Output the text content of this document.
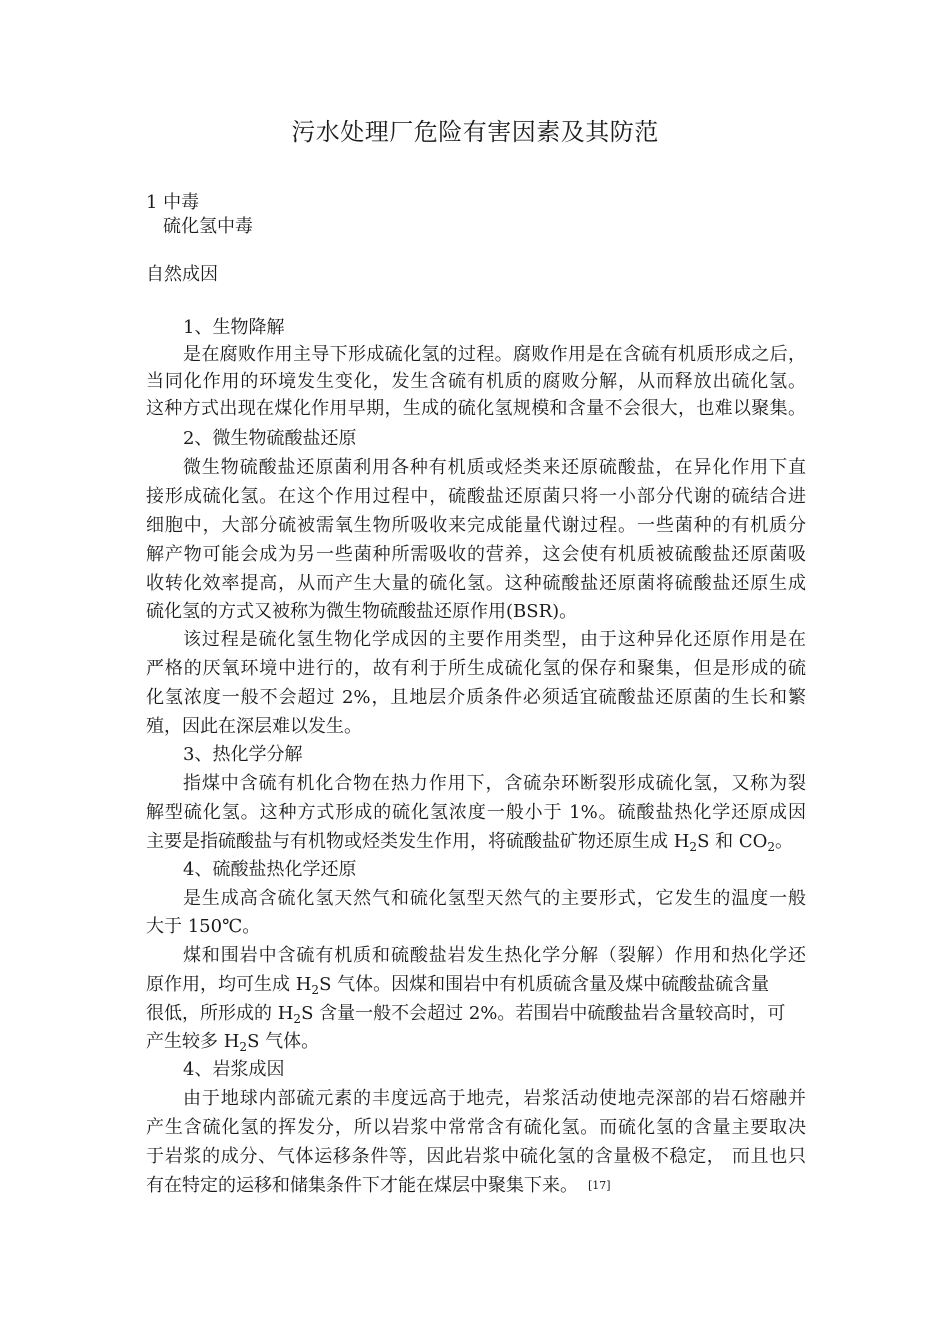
污水处理厂危险有害因素及其防范
1 中毒
硫化氢中毒
自然成因
1、生物降解
是在腐败作用主导下形成硫化氢的过程。腐败作用是在含硫有机质形成之后，
当同化作用的环境发生变化，发生含硫有机质的腐败分解，从而释放出硫化氢。
这种方式出现在煤化作用早期，生成的硫化氢规模和含量不会很大，也难以聚集。
2、微生物硫酸盐还原
微生物硫酸盐还原菌利用各种有机质或烃类来还原硫酸盐，在异化作用下直
接形成硫化氢。在这个作用过程中，硫酸盐还原菌只将一小部分代谢的硫结合进
细胞中，大部分硫被需氧生物所吸收来完成能量代谢过程。一些菌种的有机质分
解产物可能会成为另一些菌种所需吸收的营养，这会使有机质被硫酸盐还原菌吸
收转化效率提高，从而产生大量的硫化氢。这种硫酸盐还原菌将硫酸盐还原生成
硫化氢的方式又被称为微生物硫酸盐还原作用(BSR)。
该过程是硫化氢生物化学成因的主要作用类型，由于这种异化还原作用是在
严格的厌氧环境中进行的，故有利于所生成硫化氢的保存和聚集，但是形成的硫
化氢浓度一般不会超过 2%，且地层介质条件必须适宜硫酸盐还原菌的生长和繁
殖，因此在深层难以发生。
3、热化学分解
指煤中含硫有机化合物在热力作用下，含硫杂环断裂形成硫化氢，又称为裂
解型硫化氢。这种方式形成的硫化氢浓度一般小于 1%。硫酸盐热化学还原成因
主要是指硫酸盐与有机物或烃类发生作用，将硫酸盐矿物还原生成 $H_2S$ 和 $CO_2$。
4、硫酸盐热化学还原
是生成高含硫化氢天然气和硫化氢型天然气的主要形式，它发生的温度一般
大于 150℃。
煤和围岩中含硫有机质和硫酸盐岩发生热化学分解（裂解）作用和热化学还
原作用，均可生成 $H_2S$ 气体。因煤和围岩中有机质硫含量及煤中硫酸盐硫含量
很低，所形成的 $H_2S$ 含量一般不会超过 2%。若围岩中硫酸盐岩含量较高时，可
产生较多 $H_2S$ 气体。
4、岩浆成因
由于地球内部硫元素的丰度远高于地壳，岩浆活动使地壳深部的岩石熔融并
产生含硫化氢的挥发分，所以岩浆中常常含有硫化氢。而硫化氢的含量主要取决
于岩浆的成分、气体运移条件等，因此岩浆中硫化氢的含量极不稳定， 而且也只
有在特定的运移和储集条件下才能在煤层中聚集下来。 [17]
